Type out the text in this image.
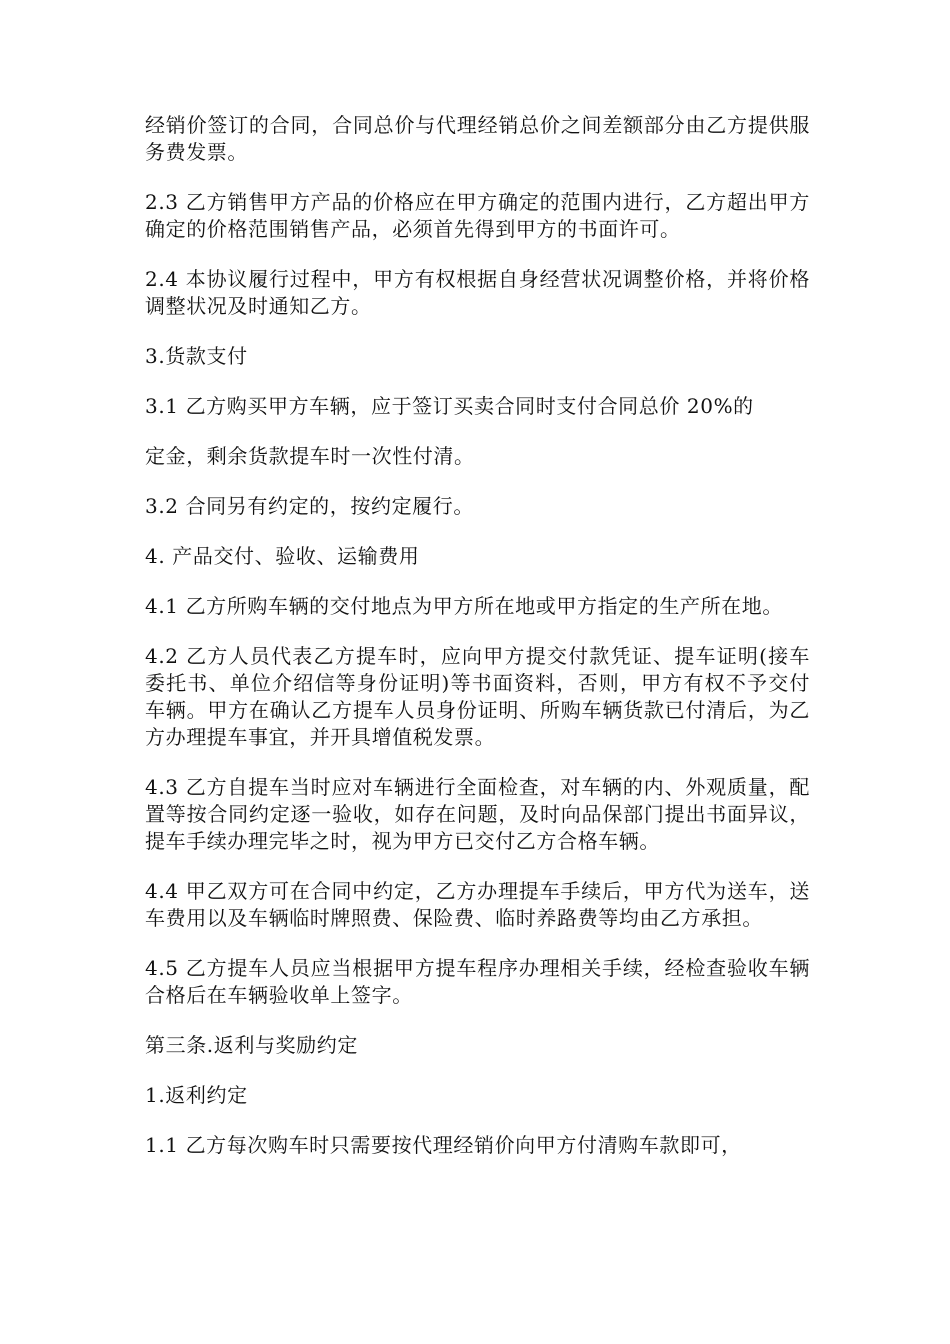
经销价签订的合同，合同总价与代理经销总价之间差额部分由乙方提供服务费发票。

2.3 乙方销售甲方产品的价格应在甲方确定的范围内进行，乙方超出甲方确定的价格范围销售产品，必须首先得到甲方的书面许可。

2.4 本协议履行过程中，甲方有权根据自身经营状况调整价格，并将价格调整状况及时通知乙方。

3.货款支付

3.1 乙方购买甲方车辆，应于签订买卖合同时支付合同总价 20%的

定金，剩余货款提车时一次性付清。

3.2 合同另有约定的，按约定履行。

4. 产品交付、验收、运输费用

4.1 乙方所购车辆的交付地点为甲方所在地或甲方指定的生产所在地。

4.2 乙方人员代表乙方提车时，应向甲方提交付款凭证、提车证明(接车委托书、单位介绍信等身份证明)等书面资料，否则，甲方有权不予交付车辆。甲方在确认乙方提车人员身份证明、所购车辆货款已付清后，为乙方办理提车事宜，并开具增值税发票。

4.3 乙方自提车当时应对车辆进行全面检查，对车辆的内、外观质量，配置等按合同约定逐一验收，如存在问题，及时向品保部门提出书面异议，提车手续办理完毕之时，视为甲方已交付乙方合格车辆。

4.4 甲乙双方可在合同中约定，乙方办理提车手续后，甲方代为送车，送车费用以及车辆临时牌照费、保险费、临时养路费等均由乙方承担。

4.5 乙方提车人员应当根据甲方提车程序办理相关手续，经检查验收车辆合格后在车辆验收单上签字。

第三条.返利与奖励约定

1.返利约定

1.1 乙方每次购车时只需要按代理经销价向甲方付清购车款即可，
